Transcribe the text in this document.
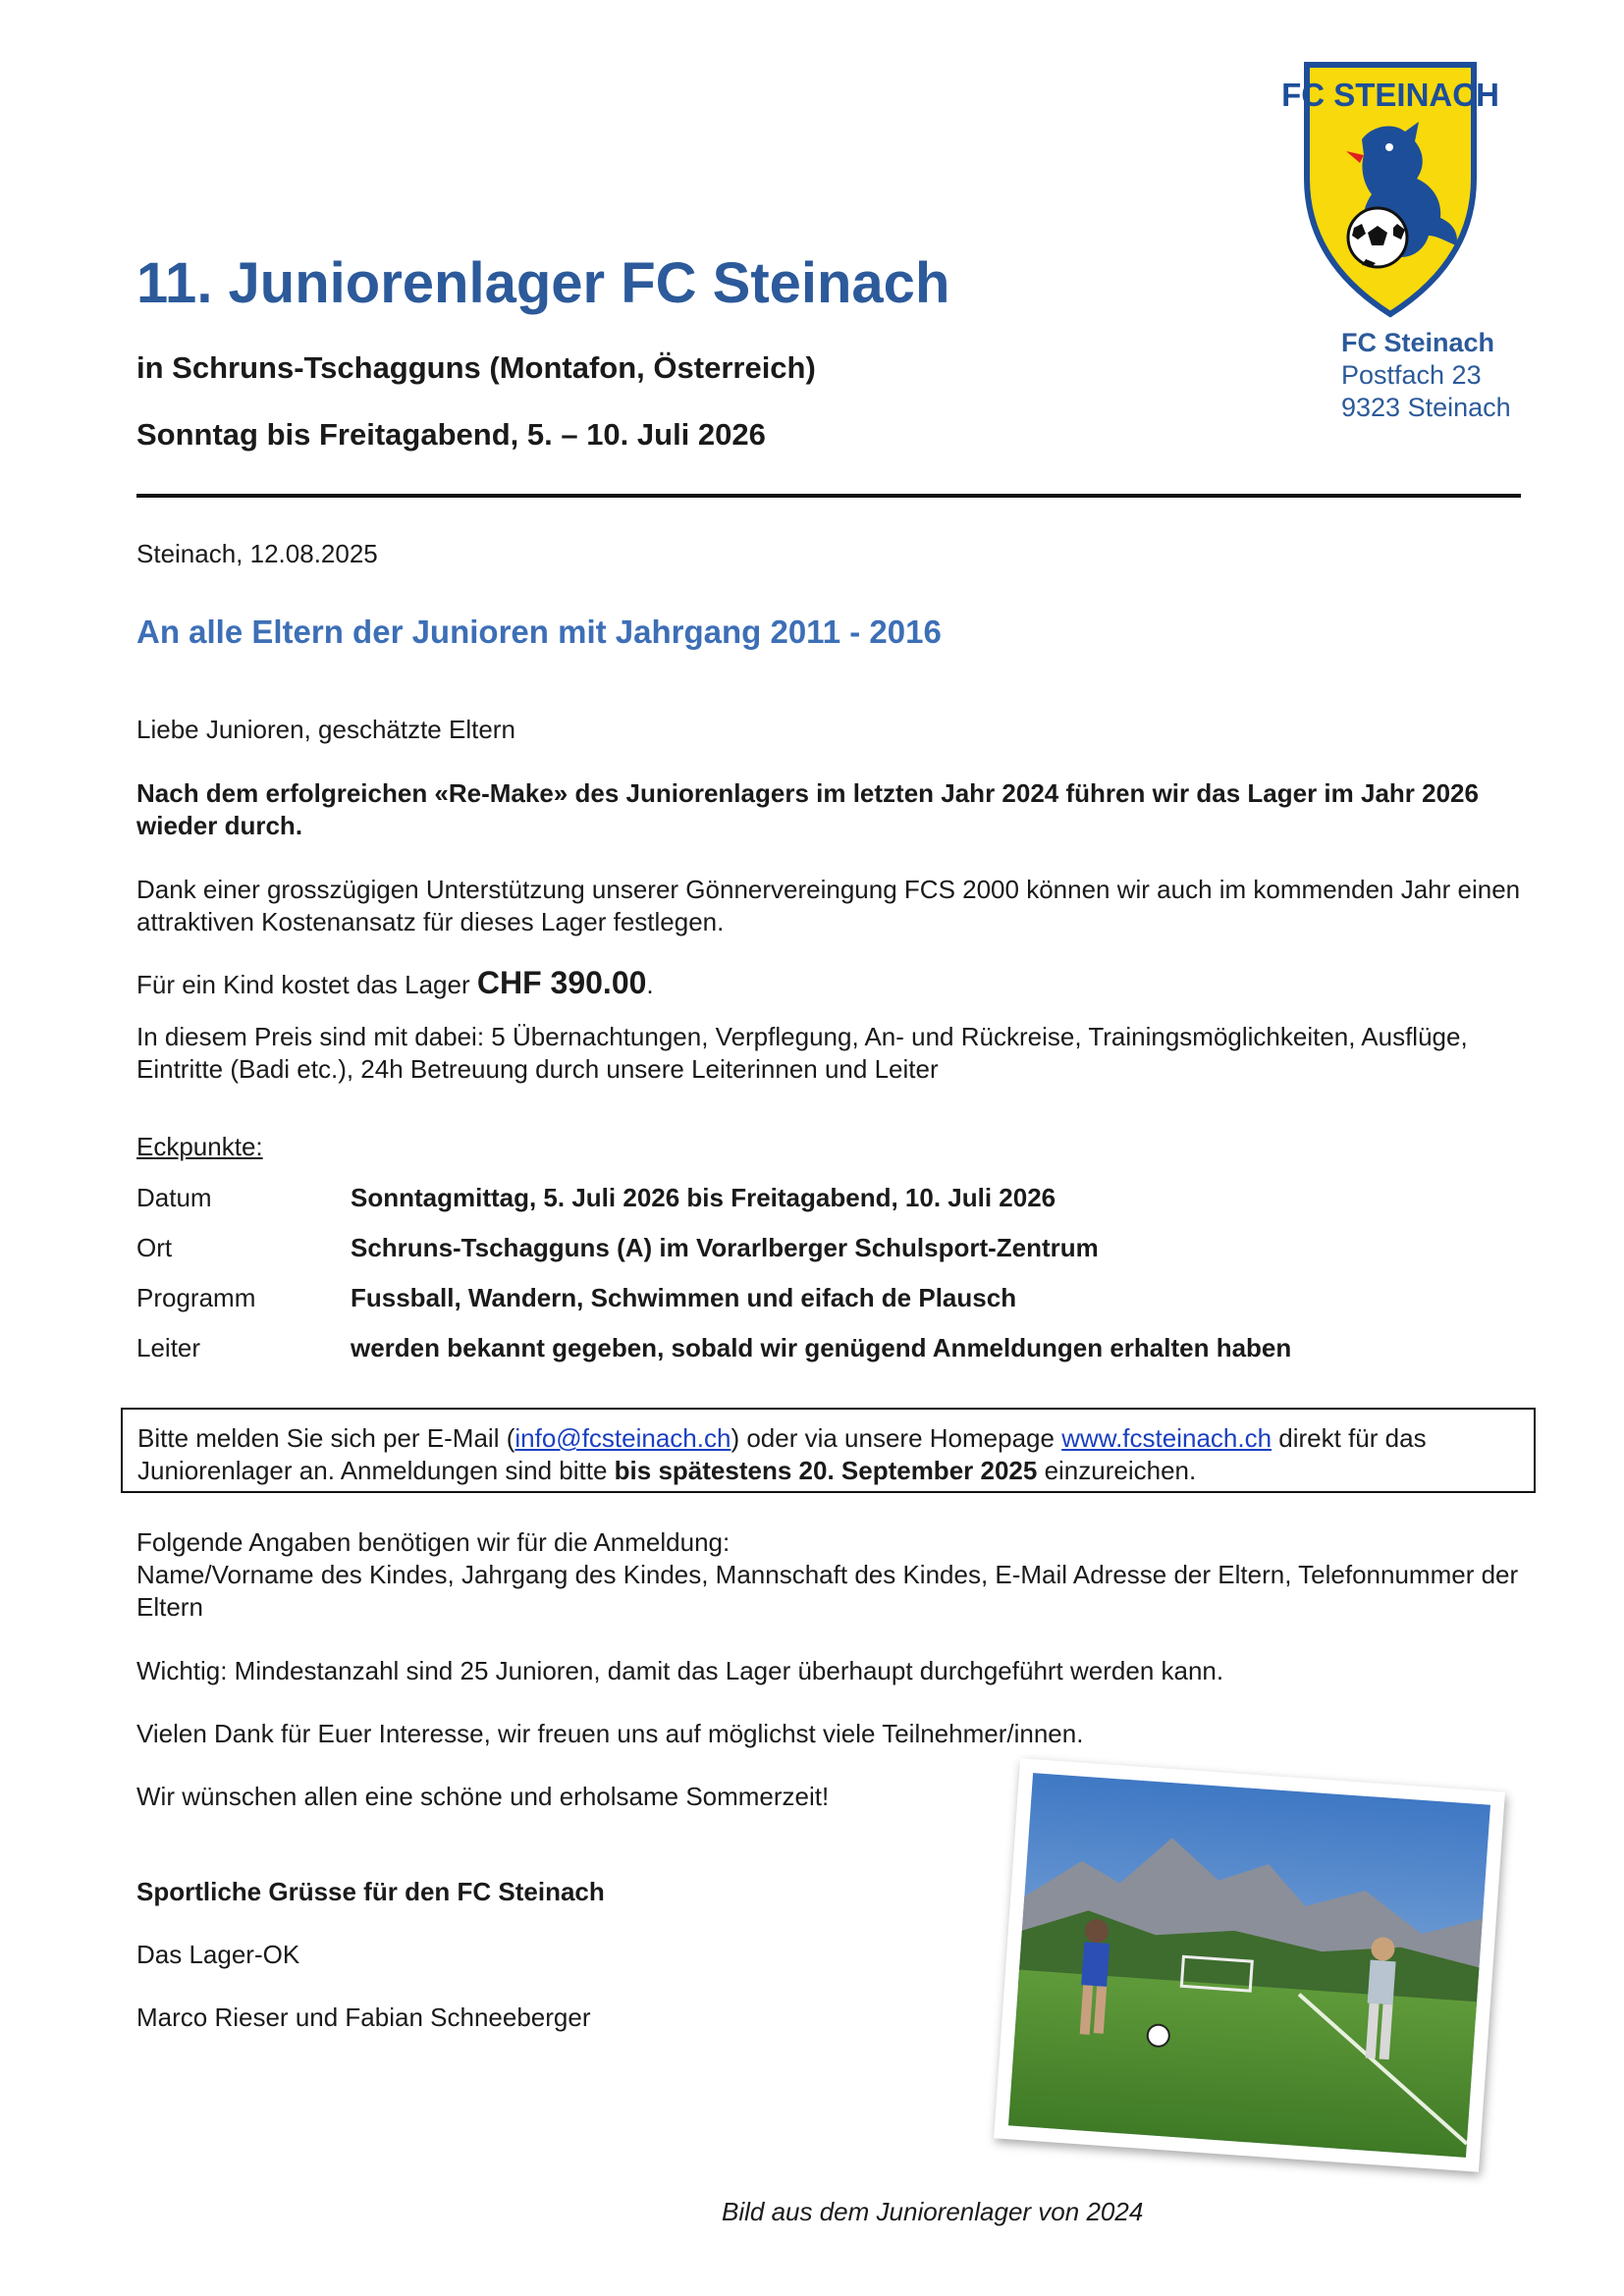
11. Juniorenlager FC Steinach
in Schruns-Tschagguns (Montafon, Österreich)
Sonntag bis Freitagabend, 5. – 10. Juli 2026
FC STEINACH
FC Steinach
Postfach 23
9323 Steinach
Steinach, 12.08.2025
An alle Eltern der Junioren mit Jahrgang 2011 - 2016
Liebe Junioren, geschätzte Eltern
Nach dem erfolgreichen «Re-Make» des Juniorenlagers im letzten Jahr 2024 führen wir das Lager im Jahr 2026 wieder durch.
Dank einer grosszügigen Unterstützung unserer Gönnervereingung FCS 2000 können wir auch im kommenden Jahr einen attraktiven Kostenansatz für dieses Lager festlegen.
Für ein Kind kostet das Lager CHF 390.00.
In diesem Preis sind mit dabei: 5 Übernachtungen, Verpflegung, An- und Rückreise, Trainingsmöglichkeiten, Ausflüge, Eintritte (Badi etc.), 24h Betreuung durch unsere Leiterinnen und Leiter
Eckpunkte:
Datum	Sonntagmittag, 5. Juli 2026 bis Freitagabend, 10. Juli 2026
Ort	Schruns-Tschagguns (A) im Vorarlberger Schulsport-Zentrum
Programm	Fussball, Wandern, Schwimmen und eifach de Plausch
Leiter	werden bekannt gegeben, sobald wir genügend Anmeldungen erhalten haben
Bitte melden Sie sich per E-Mail (info@fcsteinach.ch) oder via unsere Homepage www.fcsteinach.ch direkt für das Juniorenlager an. Anmeldungen sind bitte bis spätestens 20. September 2025 einzureichen.
Folgende Angaben benötigen wir für die Anmeldung:
Name/Vorname des Kindes, Jahrgang des Kindes, Mannschaft des Kindes, E-Mail Adresse der Eltern, Telefonnummer der Eltern
Wichtig: Mindestanzahl sind 25 Junioren, damit das Lager überhaupt durchgeführt werden kann.
Vielen Dank für Euer Interesse, wir freuen uns auf möglichst viele Teilnehmer/innen.
Wir wünschen allen eine schöne und erholsame Sommerzeit!
Sportliche Grüsse für den FC Steinach
Das Lager-OK
Marco Rieser und Fabian Schneeberger
Bild aus dem Juniorenlager von 2024
